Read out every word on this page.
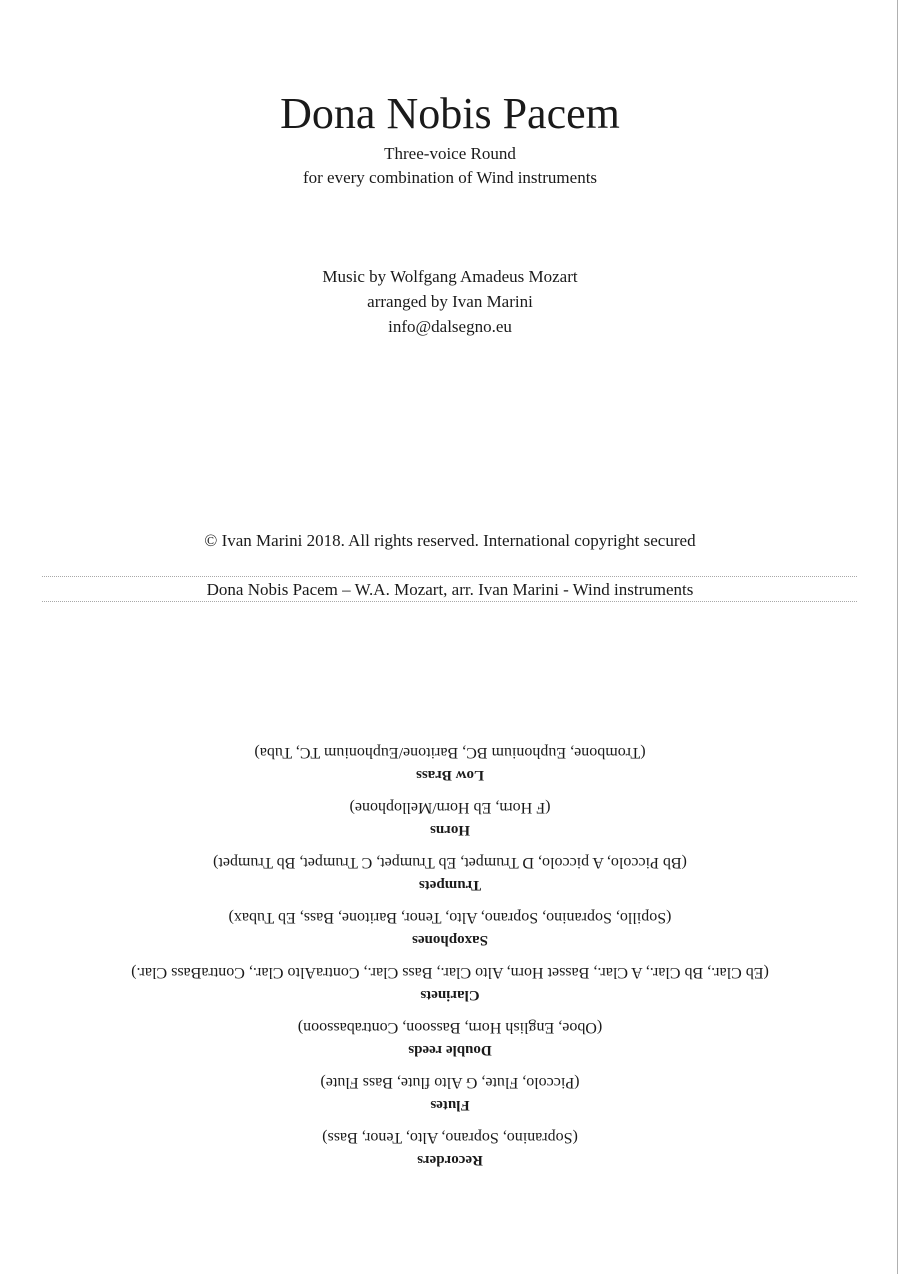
Dona Nobis Pacem
Three-voice Round
for every combination of Wind instruments
Music by Wolfgang Amadeus Mozart
arranged by Ivan Marini
info@dalsegno.eu
© Ivan Marini 2018. All rights reserved. International copyright secured
Dona Nobis Pacem – W.A. Mozart, arr. Ivan Marini - Wind instruments
Recorders
(Sopranino, Soprano, Alto, Tenor, Bass)
Flutes
(Piccolo, Flute, G Alto flute, Bass Flute)
Double reeds
(Oboe, English Horn, Bassoon, Contrabassoon)
Clarinets
(Eb Clar., Bb Clar., A Clar., Basset Horn, Alto Clar., Bass Clar., ContraAlto Clar., ContraBass Clar.)
Saxophones
(Sopillo, Sopranino, Soprano, Alto, Tenor, Baritone, Bass, Eb Tubax)
Trumpets
(Bb Piccolo, A piccolo, D Trumpet, Eb Trumpet, C Trumpet, Bb Trumpet)
Horns
(F Horn, Eb Horn/Mellophone)
Low Brass
(Trombone, Euphonium BC, Baritone/Euphonium TC, Tuba)
